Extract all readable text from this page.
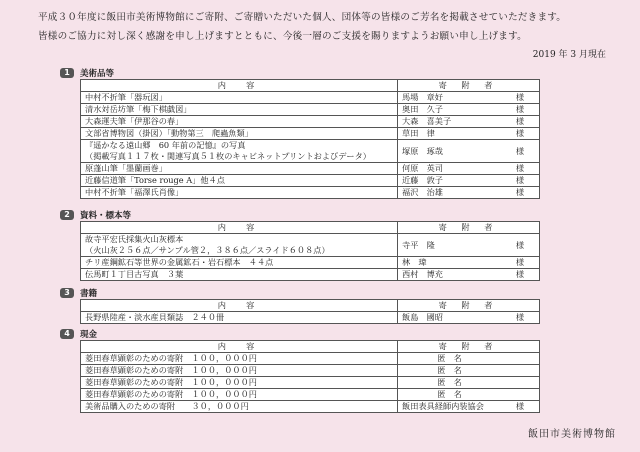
平成３０年度に飯田市美術博物館にご寄附、ご寄贈いただいた個人、団体等の皆様のご芳名を掲載させていただきます。

皆様のご協力に対し深く感謝を申し上げますとともに、今後一層のご支援を賜りますようお願い申し上げます。

2019 年 3 月現在
1	美術品等
内　容	寄 附 者	
中村不折筆「器玩図」	馬場　章好	様
清水対岳坊筆「梅下棋戯図」	奥田　久子	様
大森運夫筆「伊那谷の春」	大森　喜美子	様
文部省博物図（掛図）「動物第三　爬蟲魚類」	草田　律	様

『遥かなる遠山郷　60 年前の記憶』の写真
（掲載写真１１７枚・関連写真５１枚のキャビネットプリントおよびデータ）	塚原　琢哉	様
原蓬山筆「墨蘭画巻」	何原　英司	様
近藤信道筆「Torse rouge A」他４点	近藤　敦子	様
中村不折筆「福澤氏肖像」	福沢　治雄	様
2	資料・標本等
内　容	寄 附 者	

故寺平宏氏採集火山灰標本
（火山灰２５６点／サンプル管２，３８６点／スライド６０８点）	寺平　隆	様
チリ産鋼鉱石等世界の金属鉱石・岩石標本　４４点	林　瑋	様
伝馬町１丁目古写真　３葉	西村　博充	様
3	書籍
内　容	寄 附 者	
長野県陸産・淡水産貝類誌　２４０冊	飯島　國昭	様
4	現金
内　容	寄 附 者	
菱田春草顕彰のための寄附　１００，０００円	匿　名	
菱田春草顕彰のための寄附　１００，０００円	匿　名	
菱田春草顕彰のための寄附　１００，０００円	匿　名	
菱田春草顕彰のための寄附　１００，０００円	匿　名	
美術品購入のための寄附　　３０，０００円	飯田表具経師内装協会	様
飯田市美術博物館
